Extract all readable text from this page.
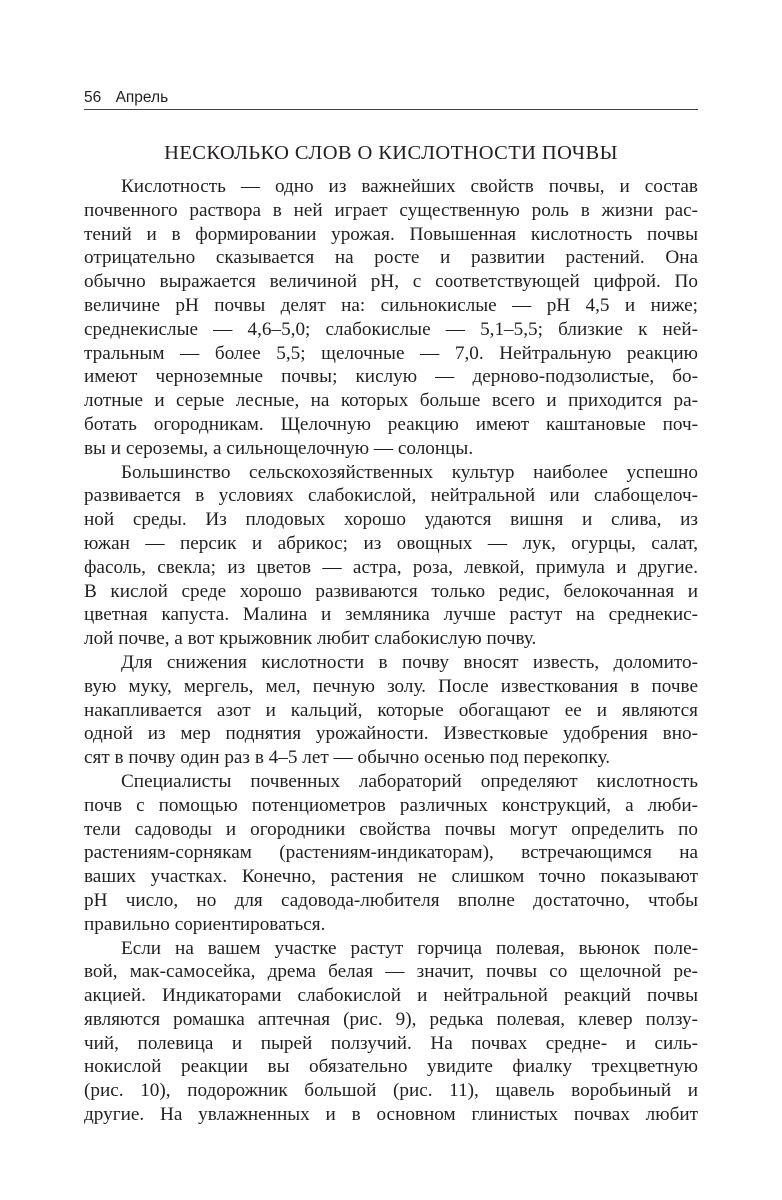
56 Апрель
НЕСКОЛЬКО СЛОВ О КИСЛОТНОСТИ ПОЧВЫ
Кислотность — одно из важнейших свойств почвы, и состав
почвенного раствора в ней играет существенную роль в жизни рас-
тений и в формировании урожая. Повышенная кислотность почвы
отрицательно сказывается на росте и развитии растений. Она
обычно выражается величиной рН, с соответствующей цифрой. По
величине рН почвы делят на: сильнокислые — рН 4,5 и ниже;
среднекислые — 4,6–5,0; слабокислые — 5,1–5,5; близкие к ней-
тральным — более 5,5; щелочные — 7,0. Нейтральную реакцию
имеют черноземные почвы; кислую — дерново-подзолистые, бо-
лотные и серые лесные, на которых больше всего и приходится ра-
ботать огородникам. Щелочную реакцию имеют каштановые поч-
вы и сероземы, а сильнощелочную — солонцы.
Большинство сельскохозяйственных культур наиболее успешно
развивается в условиях слабокислой, нейтральной или слабощелоч-
ной среды. Из плодовых хорошо удаются вишня и слива, из
южан — персик и абрикос; из овощных — лук, огурцы, салат,
фасоль, свекла; из цветов — астра, роза, левкой, примула и другие.
В кислой среде хорошо развиваются только редис, белокочанная и
цветная капуста. Малина и земляника лучше растут на среднекис-
лой почве, а вот крыжовник любит слабокислую почву.
Для снижения кислотности в почву вносят известь, доломито-
вую муку, мергель, мел, печную золу. После известкования в почве
накапливается азот и кальций, которые обогащают ее и являются
одной из мер поднятия урожайности. Известковые удобрения вно-
сят в почву один раз в 4–5 лет — обычно осенью под перекопку.
Специалисты почвенных лабораторий определяют кислотность
почв с помощью потенциометров различных конструкций, а люби-
тели садоводы и огородники свойства почвы могут определить по
растениям-сорнякам (растениям-индикаторам), встречающимся на
ваших участках. Конечно, растения не слишком точно показывают
рН число, но для садовода-любителя вполне достаточно, чтобы
правильно сориентироваться.
Если на вашем участке растут горчица полевая, вьюнок поле-
вой, мак-самосейка, дрема белая — значит, почвы со щелочной ре-
акцией. Индикаторами слабокислой и нейтральной реакций почвы
являются ромашка аптечная (рис. 9), редька полевая, клевер ползу-
чий, полевица и пырей ползучий. На почвах средне- и силь-
нокислой реакции вы обязательно увидите фиалку трехцветную
(рис. 10), подорожник большой (рис. 11), щавель воробьиный и
другие. На увлажненных и в основном глинистых почвах любит
